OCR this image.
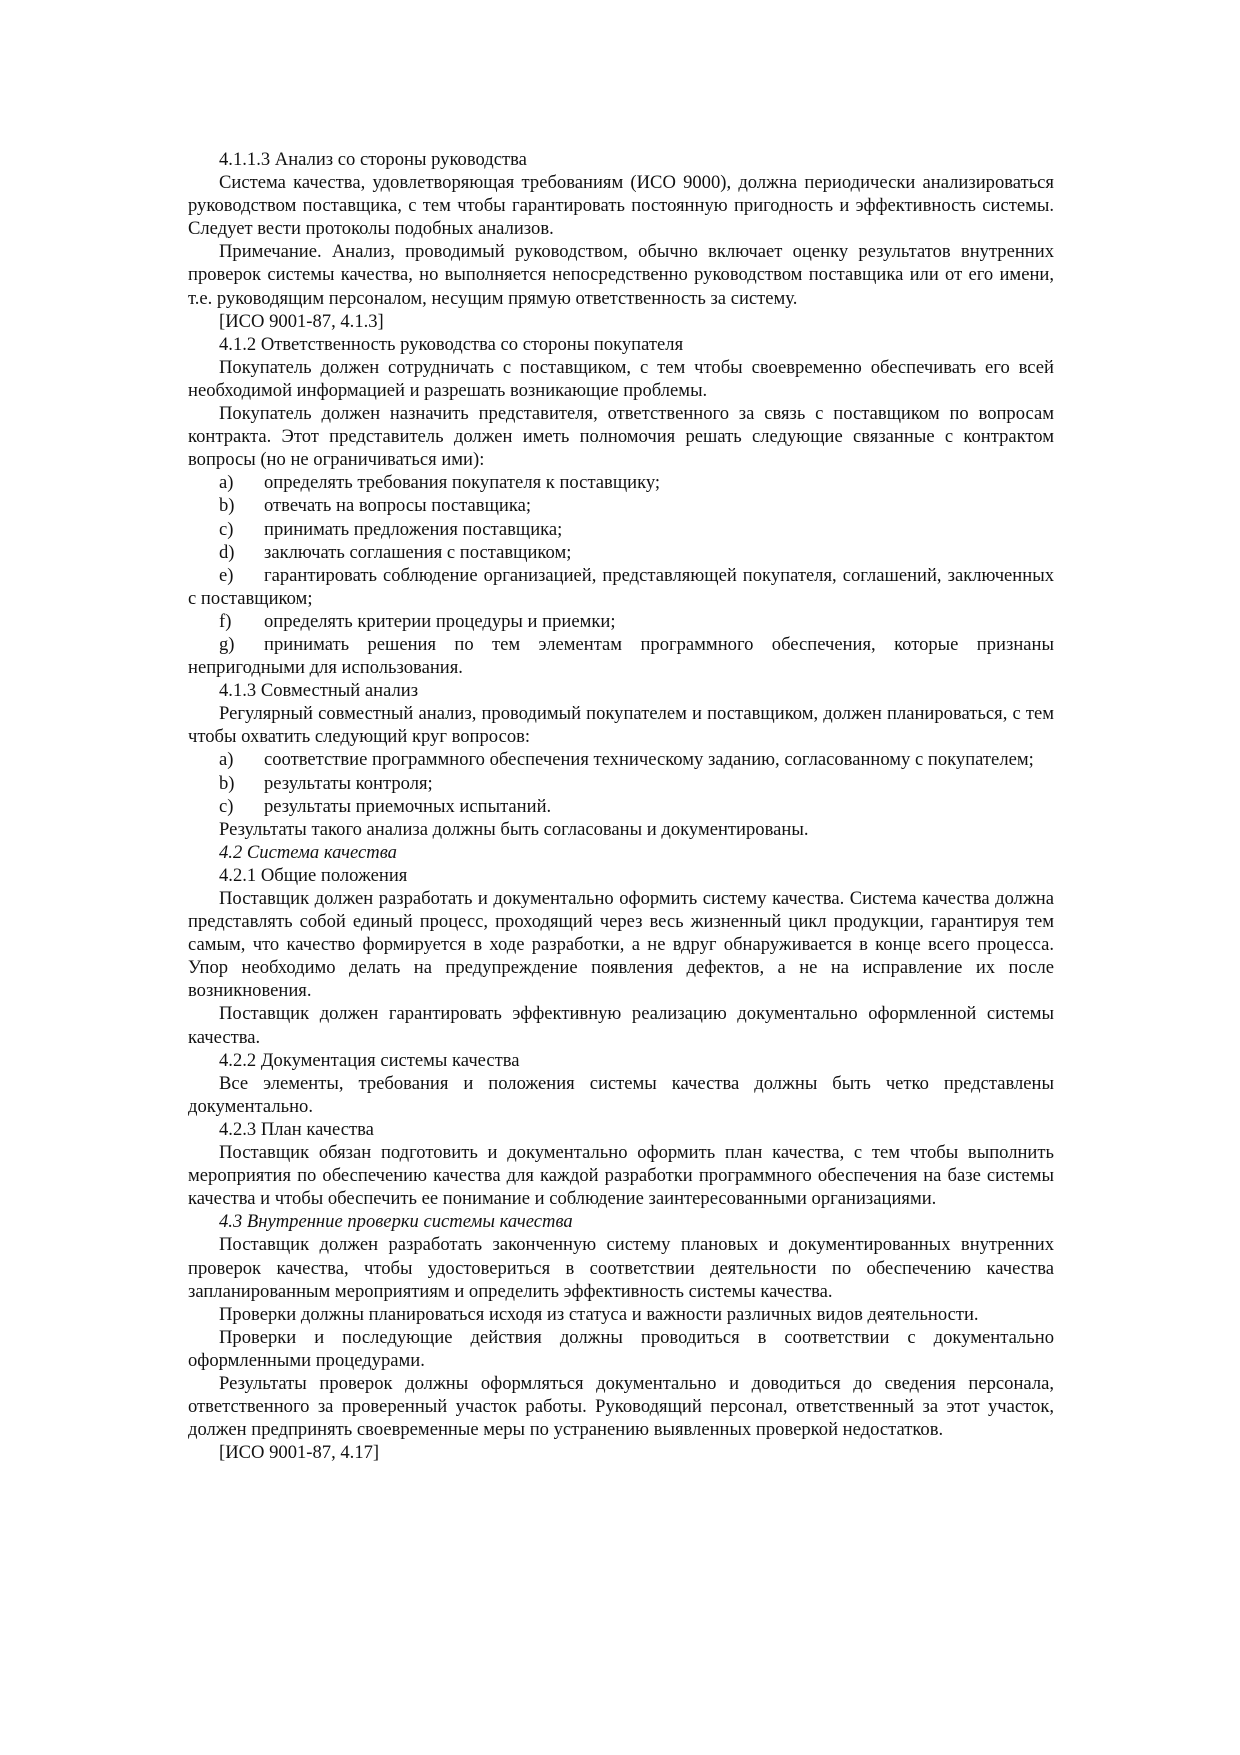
4.1.1.3 Анализ со стороны руководства

Система качества, удовлетворяющая требованиям (ИСО 9000), должна периодически анализироваться руководством поставщика, с тем чтобы гарантировать постоянную пригодность и эффективность системы. Следует вести протоколы подобных анализов.

Примечание. Анализ, проводимый руководством, обычно включает оценку результатов внутренних проверок системы качества, но выполняется непосредственно руководством поставщика или от его имени, т.е. руководящим персоналом, несущим прямую ответственность за систему.

[ИСО 9001-87, 4.1.3]

4.1.2 Ответственность руководства со стороны покупателя

Покупатель должен сотрудничать с поставщиком, с тем чтобы своевременно обеспечивать его всей необходимой информацией и разрешать возникающие проблемы.

Покупатель должен назначить представителя, ответственного за связь с поставщиком по вопросам контракта. Этот представитель должен иметь полномочия решать следующие связанные с контрактом вопросы (но не ограничиваться ими):

a) определять требования покупателя к поставщику;

b) отвечать на вопросы поставщика;

c) принимать предложения поставщика;

d) заключать соглашения с поставщиком;

e) гарантировать соблюдение организацией, представляющей покупателя, соглашений, заключенных с поставщиком;

f) определять критерии процедуры и приемки;

g) принимать решения по тем элементам программного обеспечения, которые признаны непригодными для использования.

4.1.3 Совместный анализ

Регулярный совместный анализ, проводимый покупателем и поставщиком, должен планироваться, с тем чтобы охватить следующий круг вопросов:

a) соответствие программного обеспечения техническому заданию, согласованному с покупателем;

b) результаты контроля;

c) результаты приемочных испытаний.

Результаты такого анализа должны быть согласованы и документированы.

4.2 Система качества

4.2.1 Общие положения

Поставщик должен разработать и документально оформить систему качества. Система качества должна представлять собой единый процесс, проходящий через весь жизненный цикл продукции, гарантируя тем самым, что качество формируется в ходе разработки, а не вдруг обнаруживается в конце всего процесса. Упор необходимо делать на предупреждение появления дефектов, а не на исправление их после возникновения.

Поставщик должен гарантировать эффективную реализацию документально оформленной системы качества.

4.2.2 Документация системы качества

Все элементы, требования и положения системы качества должны быть четко представлены документально.

4.2.3 План качества

Поставщик обязан подготовить и документально оформить план качества, с тем чтобы выполнить мероприятия по обеспечению качества для каждой разработки программного обеспечения на базе системы качества и чтобы обеспечить ее понимание и соблюдение заинтересованными организациями.

4.3 Внутренние проверки системы качества

Поставщик должен разработать законченную систему плановых и документированных внутренних проверок качества, чтобы удостовериться в соответствии деятельности по обеспечению качества запланированным мероприятиям и определить эффективность системы качества.

Проверки должны планироваться исходя из статуса и важности различных видов деятельности.

Проверки и последующие действия должны проводиться в соответствии с документально оформленными процедурами.

Результаты проверок должны оформляться документально и доводиться до сведения персонала, ответственного за проверенный участок работы. Руководящий персонал, ответственный за этот участок, должен предпринять своевременные меры по устранению выявленных проверкой недостатков.

[ИСО 9001-87, 4.17]
